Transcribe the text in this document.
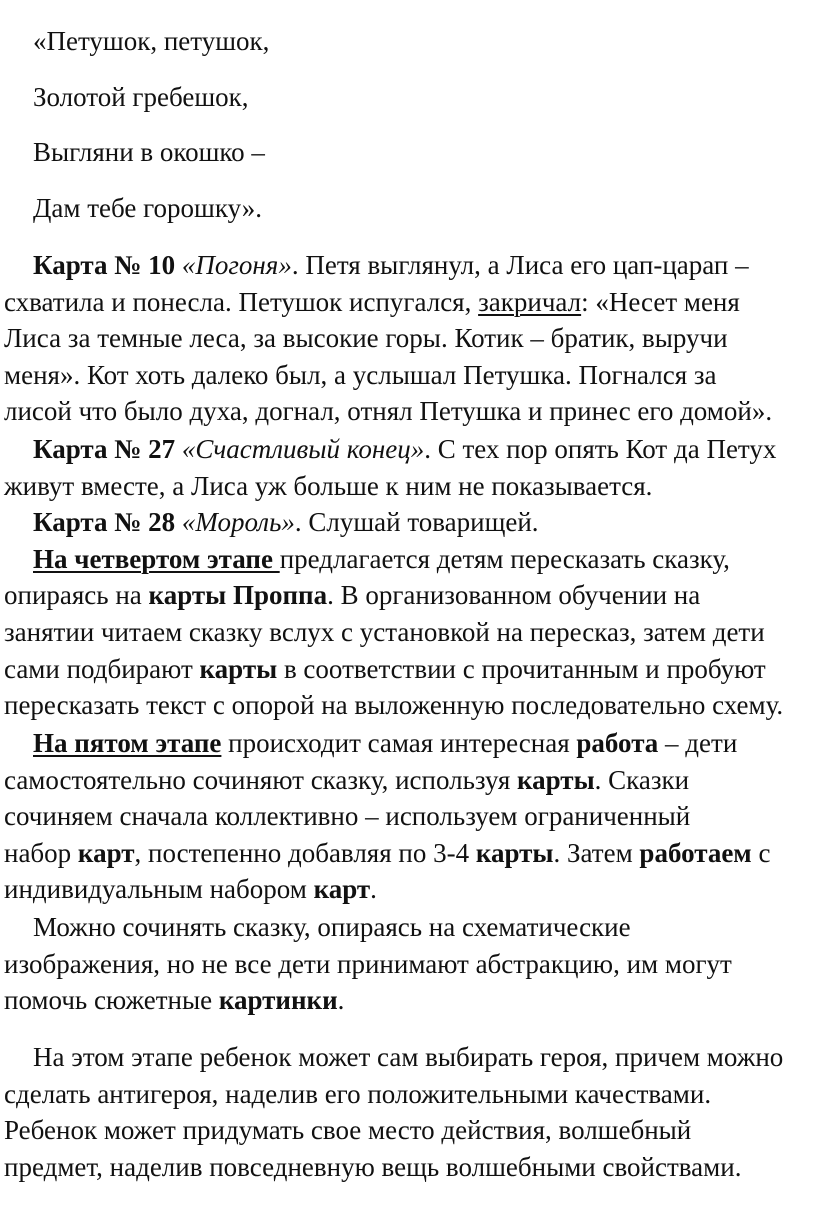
«Петушок, петушок,
Золотой гребешок,
Выгляни в окошко –
Дам тебе горошку».
Карта № 10 «Погоня». Петя выглянул, а Лиса его цап-царап –
схватила и понесла. Петушок испугался, закричал: «Несет меня
Лиса за темные леса, за высокие горы. Котик – братик, выручи
меня». Кот хоть далеко был, а услышал Петушка. Погнался за
лисой что было духа, догнал, отнял Петушка и принес его домой».
Карта № 27 «Счастливый конец». С тех пор опять Кот да Петух
живут вместе, а Лиса уж больше к ним не показывается.
Карта № 28 «Мороль». Слушай товарищей.
На четвертом этапе предлагается детям пересказать сказку,
опираясь на карты Проппа. В организованном обучении на
занятии читаем сказку вслух с установкой на пересказ, затем дети
сами подбирают карты в соответствии с прочитанным и пробуют
пересказать текст с опорой на выложенную последовательно схему.
На пятом этапе происходит самая интересная работа – дети
самостоятельно сочиняют сказку, используя карты. Сказки
сочиняем сначала коллективно – используем ограниченный
набор карт, постепенно добавляя по 3-4 карты. Затем работаем с
индивидуальным набором карт.
Можно сочинять сказку, опираясь на схематические
изображения, но не все дети принимают абстракцию, им могут
помочь сюжетные картинки.
На этом этапе ребенок может сам выбирать героя, причем можно
сделать антигероя, наделив его положительными качествами.
Ребенок может придумать свое место действия, волшебный
предмет, наделив повседневную вещь волшебными свойствами.
